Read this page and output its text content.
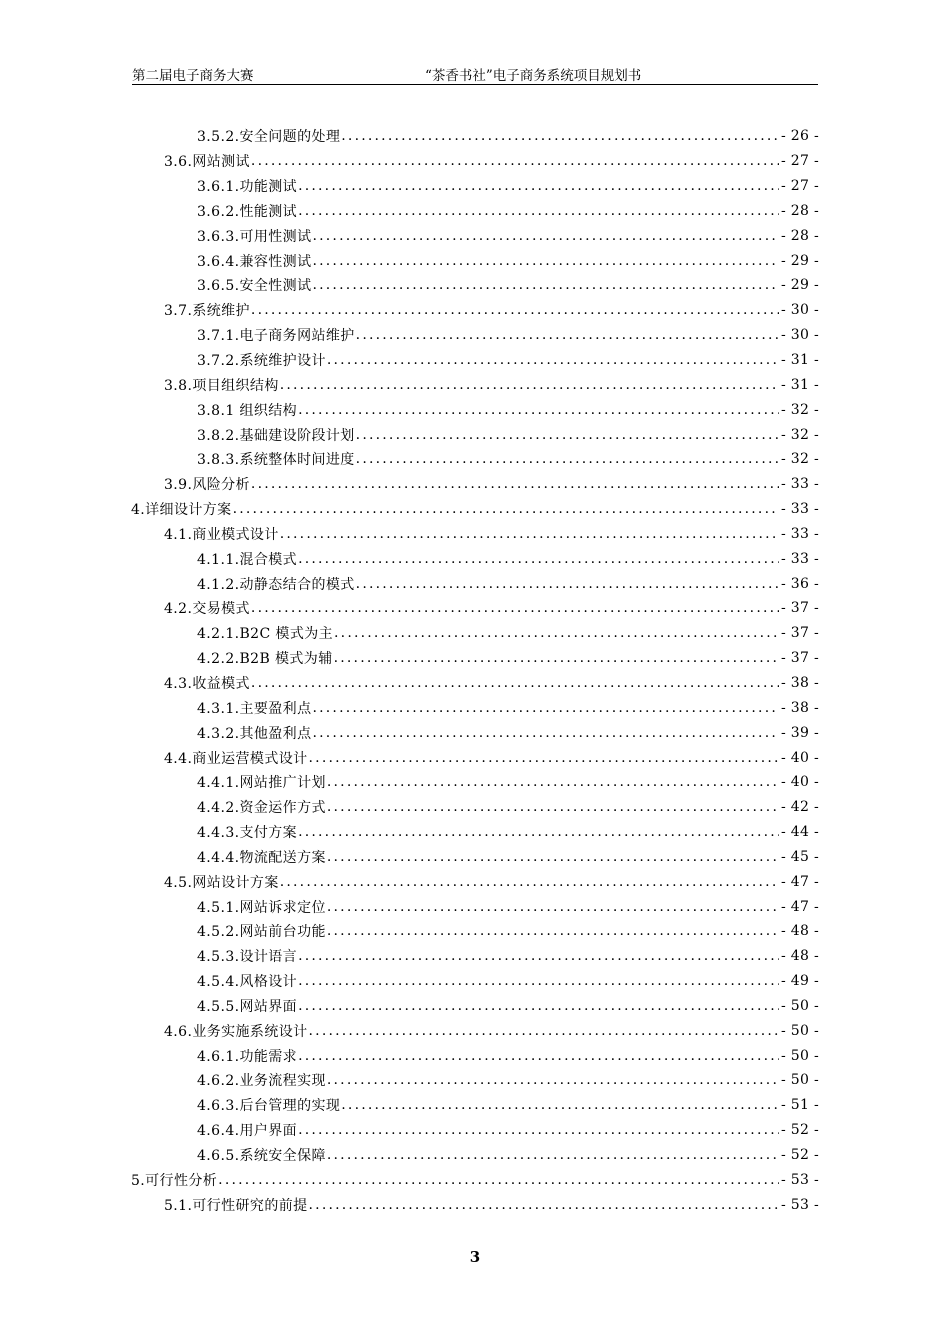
第二届电子商务大赛	“茶香书社”电子商务系统项目规划书
3.5.2.安全问题的处理 .....	- 26 -
3.6.网站测试 .....	- 27 -
3.6.1.功能测试 .....	- 27 -
3.6.2.性能测试 .....	- 28 -
3.6.3.可用性测试 .....	- 28 -
3.6.4.兼容性测试 .....	- 29 -
3.6.5.安全性测试 .....	- 29 -
3.7.系统维护 .....	- 30 -
3.7.1.电子商务网站维护 .....	- 30 -
3.7.2.系统维护设计 .....	- 31 -
3.8.项目组织结构 .....	- 31 -
3.8.1 组织结构 .....	- 32 -
3.8.2.基础建设阶段计划 .....	- 32 -
3.8.3.系统整体时间进度 .....	- 32 -
3.9.风险分析 .....	- 33 -
4.详细设计方案 .....	- 33 -
4.1.商业模式设计 .....	- 33 -
4.1.1.混合模式 .....	- 33 -
4.1.2.动静态结合的模式 .....	- 36 -
4.2.交易模式 .....	- 37 -
4.2.1.B2C 模式为主 .....	- 37 -
4.2.2.B2B 模式为辅 .....	- 37 -
4.3.收益模式 .....	- 38 -
4.3.1.主要盈利点 .....	- 38 -
4.3.2.其他盈利点 .....	- 39 -
4.4.商业运营模式设计 .....	- 40 -
4.4.1.网站推广计划 .....	- 40 -
4.4.2.资金运作方式 .....	- 42 -
4.4.3.支付方案 .....	- 44 -
4.4.4.物流配送方案 .....	- 45 -
4.5.网站设计方案 .....	- 47 -
4.5.1.网站诉求定位 .....	- 47 -
4.5.2.网站前台功能 .....	- 48 -
4.5.3.设计语言 .....	- 48 -
4.5.4.风格设计 .....	- 49 -
4.5.5.网站界面 .....	- 50 -
4.6.业务实施系统设计 .....	- 50 -
4.6.1.功能需求 .....	- 50 -
4.6.2.业务流程实现 .....	- 50 -
4.6.3.后台管理的实现 .....	- 51 -
4.6.4.用户界面 .....	- 52 -
4.6.5.系统安全保障 .....	- 52 -
5.可行性分析 .....	- 53 -
5.1.可行性研究的前提 .....	- 53 -
3
